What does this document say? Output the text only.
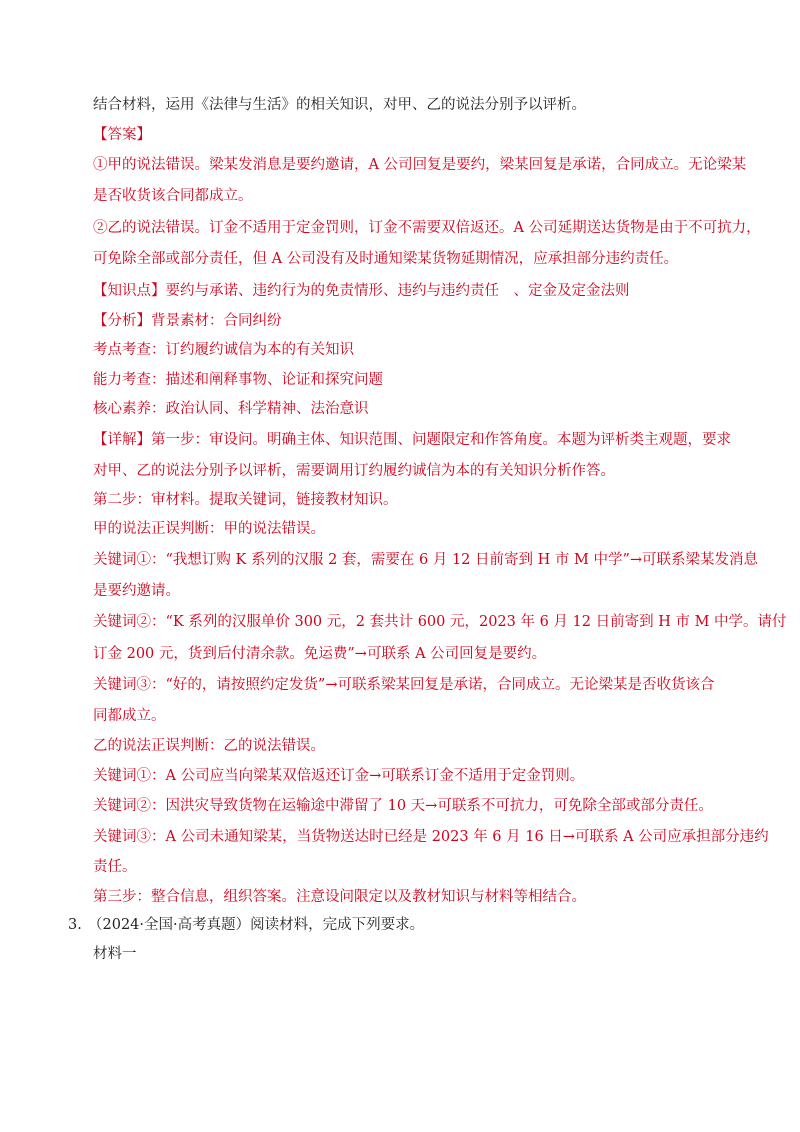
结合材料，运用《法律与生活》的相关知识，对甲、乙的说法分别予以评析。
【答案】
①甲的说法错误。梁某发消息是要约邀请，A 公司回复是要约，梁某回复是承诺，合同成立。无论梁某
是否收货该合同都成立。
②乙的说法错误。订金不适用于定金罚则，订金不需要双倍返还。A 公司延期送达货物是由于不可抗力，
可免除全部或部分责任，但 A 公司没有及时通知梁某货物延期情况，应承担部分违约责任。
【知识点】要约与承诺、违约行为的免责情形、违约与违约责任　、定金及定金法则
【分析】背景素材：合同纠纷
考点考查：订约履约诚信为本的有关知识
能力考查：描述和阐释事物、论证和探究问题
核心素养：政治认同、科学精神、法治意识
【详解】第一步：审设问。明确主体、知识范围、问题限定和作答角度。本题为评析类主观题，要求
对甲、乙的说法分别予以评析，需要调用订约履约诚信为本的有关知识分析作答。
第二步：审材料。提取关键词，链接教材知识。
甲的说法正误判断：甲的说法错误。
关键词①：“我想订购 K 系列的汉服 2 套，需要在 6 月 12 日前寄到 H 市 M 中学”→可联系梁某发消息
是要约邀请。
关键词②：“K 系列的汉服单价 300 元，2 套共计 600 元，2023 年 6 月 12 日前寄到 H 市 M 中学。请付
订金 200 元，货到后付清余款。免运费”→可联系 A 公司回复是要约。
关键词③：“好的，请按照约定发货”→可联系梁某回复是承诺，合同成立。无论梁某是否收货该合
同都成立。
乙的说法正误判断：乙的说法错误。
关键词①：A 公司应当向梁某双倍返还订金→可联系订金不适用于定金罚则。
关键词②：因洪灾导致货物在运输途中滞留了 10 天→可联系不可抗力，可免除全部或部分责任。
关键词③：A 公司未通知梁某，当货物送达时已经是 2023 年 6 月 16 日→可联系 A 公司应承担部分违约
责任。
第三步：整合信息，组织答案。注意设问限定以及教材知识与材料等相结合。
3. （2024·全国·高考真题）阅读材料，完成下列要求。
材料一
